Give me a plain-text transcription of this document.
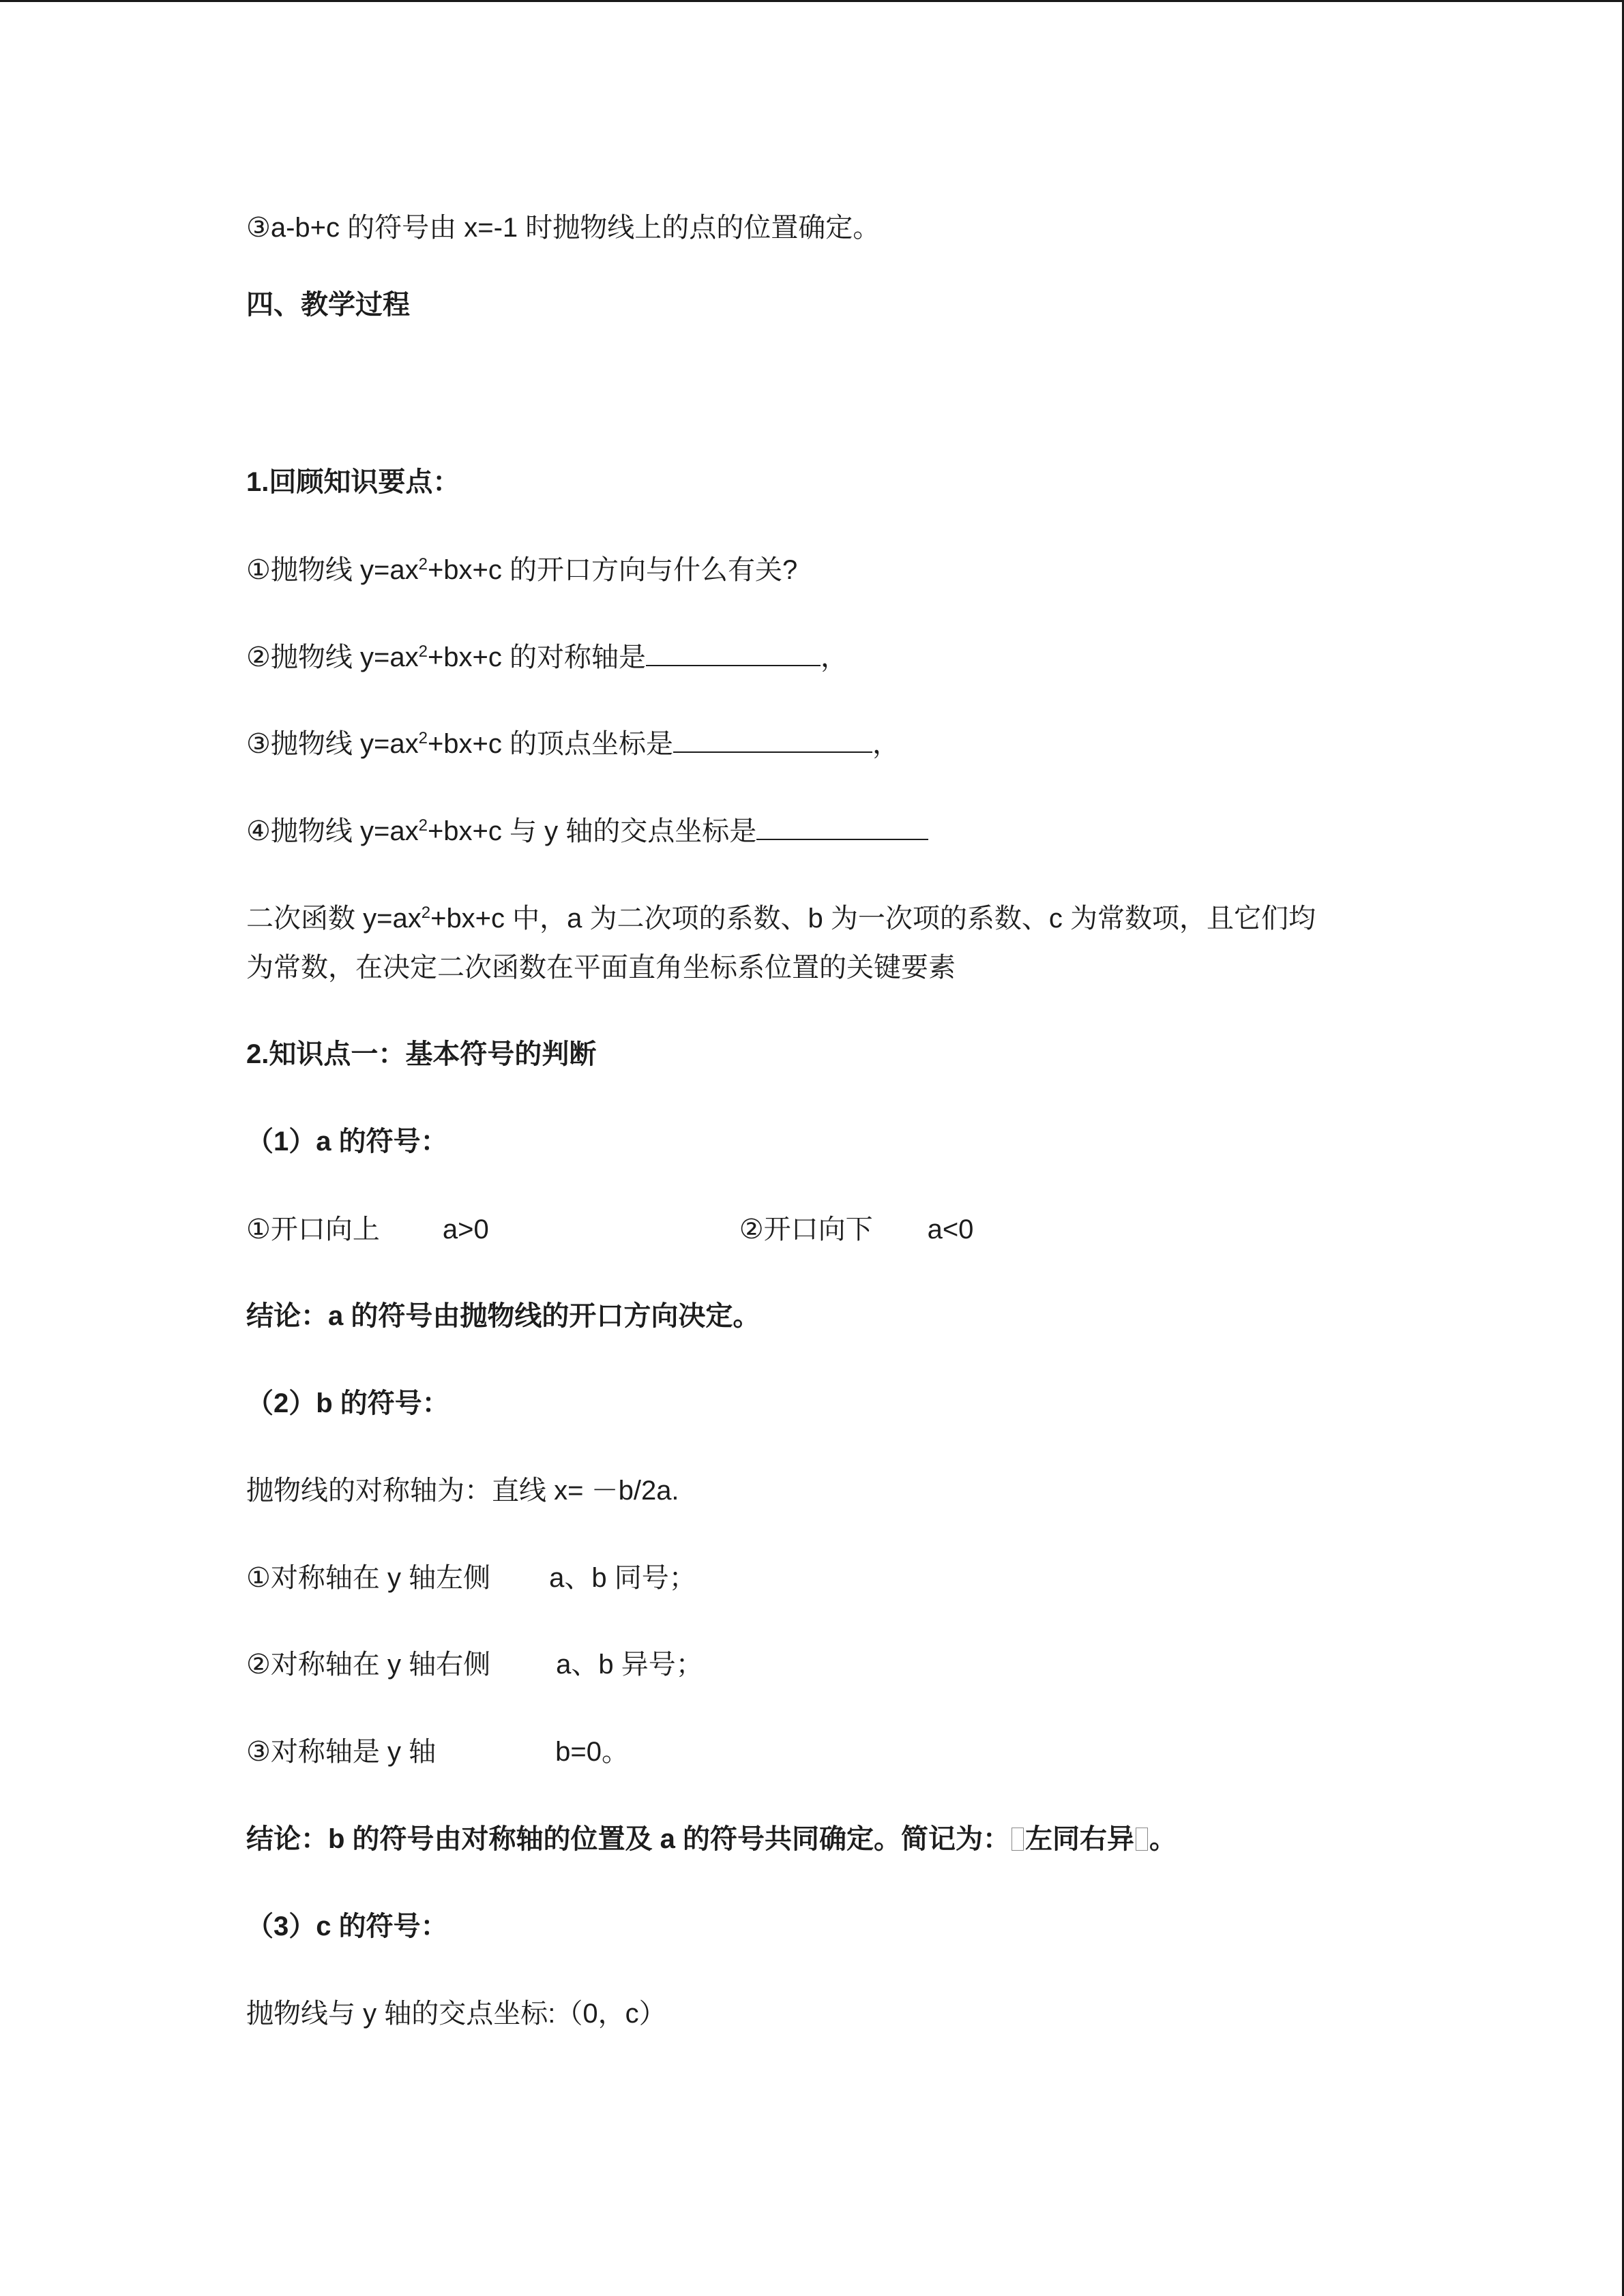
③a-b+c 的符号由 x=-1 时抛物线上的点的位置确定。
四、教学过程
1.回顾知识要点：
①抛物线 $y=ax^2+bx+c$ 的开口方向与什么有关?
②抛物线 $y=ax^2+bx+c$ 的对称轴是	，
③抛物线 $y=ax^2+bx+c$ 的顶点坐标是	，
④抛物线 $y=ax^2+bx+c$ 与 y 轴的交点坐标是
二次函数 $y=ax^2+bx+c$ 中，a 为二次项的系数、b 为一次项的系数、c 为常数项，且它们均
为常数，在决定二次函数在平面直角坐标系位置的关键要素
2.知识点一：基本符号的判断
（1）a 的符号：
①开口向上 a>0	②开口向下 a<0
结论：a 的符号由抛物线的开口方向决定。
（2）b 的符号：
抛物线的对称轴为：直线 x= －b/2a.
①对称轴在 y 轴左侧 a、b 同号；
②对称轴在 y 轴右侧 a、b 异号；
③对称轴是 y 轴	b=0。
结论：b 的符号由对称轴的位置及 a 的符号共同确定。简记为： 左同右异 。
（3）c 的符号：
抛物线与 y 轴的交点坐标:（0，c）
